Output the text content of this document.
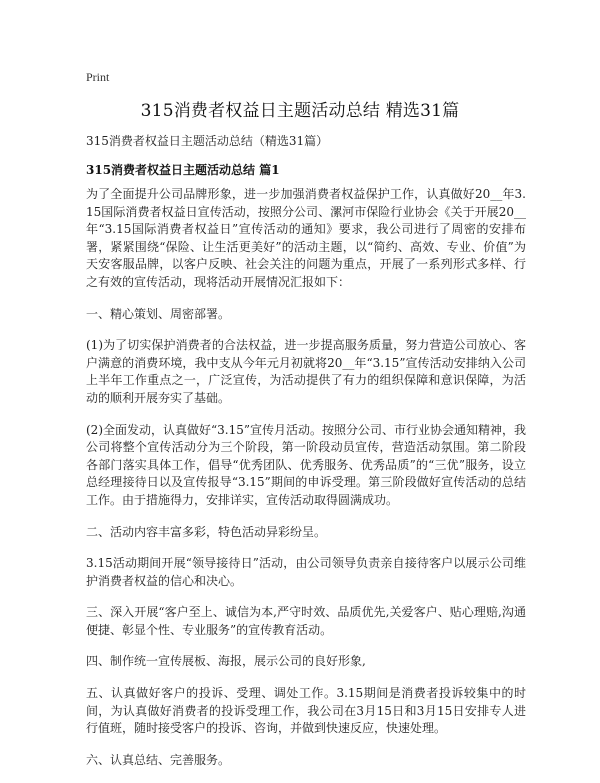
Print
315消费者权益日主题活动总结 精选31篇

315消费者权益日主题活动总结（精选31篇）

315消费者权益日主题活动总结 篇1

为了全面提升公司品牌形象，进一步加强消费者权益保护工作，认真做好20__年3.15国际消费者权益日宣传活动，按照分公司、漯河市保险行业协会《关于开展20__年“3.15国际消费者权益日”宣传活动的通知》要求，我公司进行了周密的安排布署，紧紧围绕“保险、让生活更美好”的活动主题，以“简约、高效、专业、价值”为天安客服品牌，以客户反映、社会关注的问题为重点，开展了一系列形式多样、行之有效的宣传活动，现将活动开展情况汇报如下：

一、精心策划、周密部署。

(1)为了切实保护消费者的合法权益，进一步提高服务质量，努力营造公司放心、客户满意的消费环境，我中支从今年元月初就将20__年“3.15”宣传活动安排纳入公司上半年工作重点之一，广泛宣传，为活动提供了有力的组织保障和意识保障，为活动的顺利开展夯实了基础。

(2)全面发动，认真做好“3.15”宣传月活动。按照分公司、市行业协会通知精神，我公司将整个宣传活动分为三个阶段，第一阶段动员宣传，营造活动氛围。第二阶段各部门落实具体工作，倡导“优秀团队、优秀服务、优秀品质”的“三优”服务，设立总经理接待日以及宣传报导“3.15”期间的申诉受理。第三阶段做好宣传活动的总结工作。由于措施得力，安排详实，宣传活动取得圆满成功。

二、活动内容丰富多彩，特色活动异彩纷呈。

3.15活动期间开展“领导接待日”活动，由公司领导负责亲自接待客户以展示公司维护消费者权益的信心和决心。

三、深入开展“客户至上、诚信为本,严守时效、品质优先,关爱客户、贴心理赔,沟通便捷、彰显个性、专业服务”的宣传教育活动。

四、制作统一宣传展板、海报，展示公司的良好形象,

五、认真做好客户的投诉、受理、调处工作。3.15期间是消费者投诉较集中的时间，为认真做好消费者的投诉受理工作，我公司在3月15日和3月15日安排专人进行值班，随时接受客户的投诉、咨询，并做到快速反应，快速处理。

六、认真总结、完善服务。
